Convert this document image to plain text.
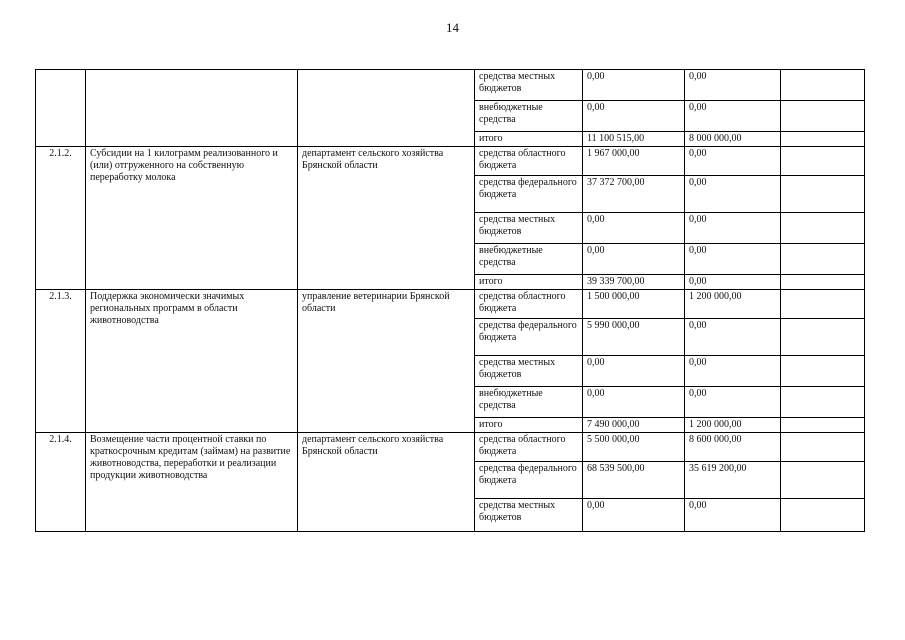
14
			средства местных бюджетов	0,00	0,00	
			внебюджетные средства	0,00	0,00	
			итого	11 100 515,00	8 000 000,00	
2.1.2.	Субсидии на 1 килограмм реализованного и (или) отгруженного на собственную переработку молока	департамент сельского хозяйства Брянской области	средства областного бюджета	1 967 000,00	0,00	
			средства федерального бюджета	37 372 700,00	0,00	
			средства местных бюджетов	0,00	0,00	
			внебюджетные средства	0,00	0,00	
			итого	39 339 700,00	0,00	
2.1.3.	Поддержка экономически значимых региональных программ в области животноводства	управление ветеринарии Брянской области	средства областного бюджета	1 500 000,00	1 200 000,00	
			средства федерального бюджета	5 990 000,00	0,00	
			средства местных бюджетов	0,00	0,00	
			внебюджетные средства	0,00	0,00	
			итого	7 490 000,00	1 200 000,00	
2.1.4.	Возмещение части процентной ставки по краткосрочным кредитам (займам) на развитие животноводства, переработки и реализации продукции животноводства	департамент сельского хозяйства Брянской области	средства областного бюджета	5 500 000,00	8 600 000,00	
			средства федерального бюджета	68 539 500,00	35 619 200,00	
			средства местных бюджетов	0,00	0,00	
